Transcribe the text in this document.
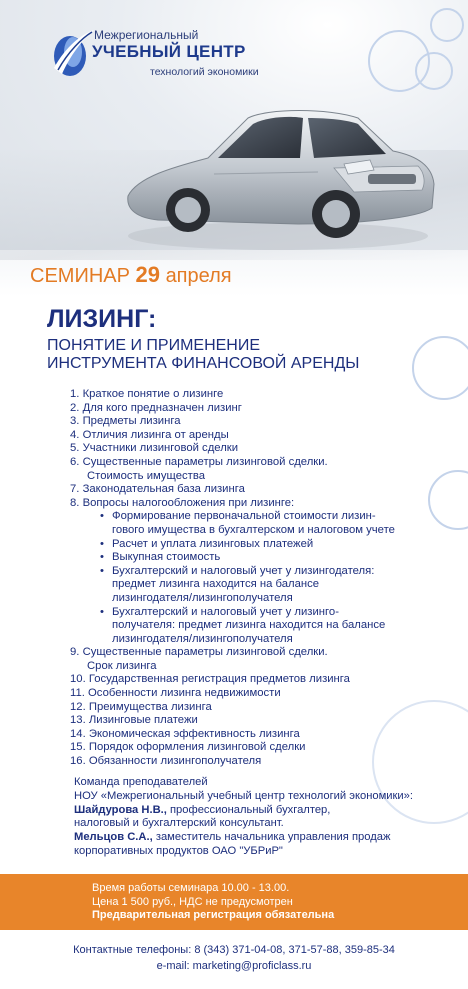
Межрегиональный
УЧЕБНЫЙ ЦЕНТР
технологий экономики
СЕМИНАР 29 апреля
ЛИЗИНГ:
ПОНЯТИЕ И ПРИМЕНЕНИЕ
ИНСТРУМЕНТА ФИНАНСОВОЙ АРЕНДЫ
1. Краткое понятие о лизинге
2. Для кого предназначен лизинг
3. Предметы лизинга
4. Отличия лизинга от аренды
5. Участники лизинговой сделки
6. Существенные параметры лизинговой сделки.
Стоимость имущества
7. Законодательная база лизинга
8. Вопросы налогообложения при лизинге:
• Формирование первоначальной стоимости лизин-
гового имущества в бухгалтерском и налоговом учете
• Расчет и уплата лизинговых платежей
• Выкупная стоимость
• Бухгалтерский и налоговый учет у лизингодателя:
предмет лизинга находится на балансе
лизингодателя/лизингополучателя
• Бухгалтерский и налоговый учет у лизинго-
получателя: предмет лизинга находится на балансе
лизингодателя/лизингополучателя
9. Существенные параметры лизинговой сделки.
Срок лизинга
10. Государственная регистрация предметов лизинга
11. Особенности лизинга недвижимости
12. Преимущества лизинга
13. Лизинговые платежи
14. Экономическая эффективность лизинга
15. Порядок оформления лизинговой сделки
16. Обязанности лизингополучателя
Команда преподавателей
НОУ «Межрегиональный учебный центр технологий экономики»:
Шайдурова Н.В., профессиональный бухгалтер,
налоговый и бухгалтерский консультант.
Мельцов С.А., заместитель начальника управления продаж
корпоративных продуктов ОАО "УБРиР"
Время работы семинара 10.00 - 13.00.
Цена 1 500 руб., НДС не предусмотрен
Предварительная регистрация обязательна
Контактные телефоны: 8 (343) 371-04-08, 371-57-88, 359-85-34
e-mail: marketing@proficlass.ru
